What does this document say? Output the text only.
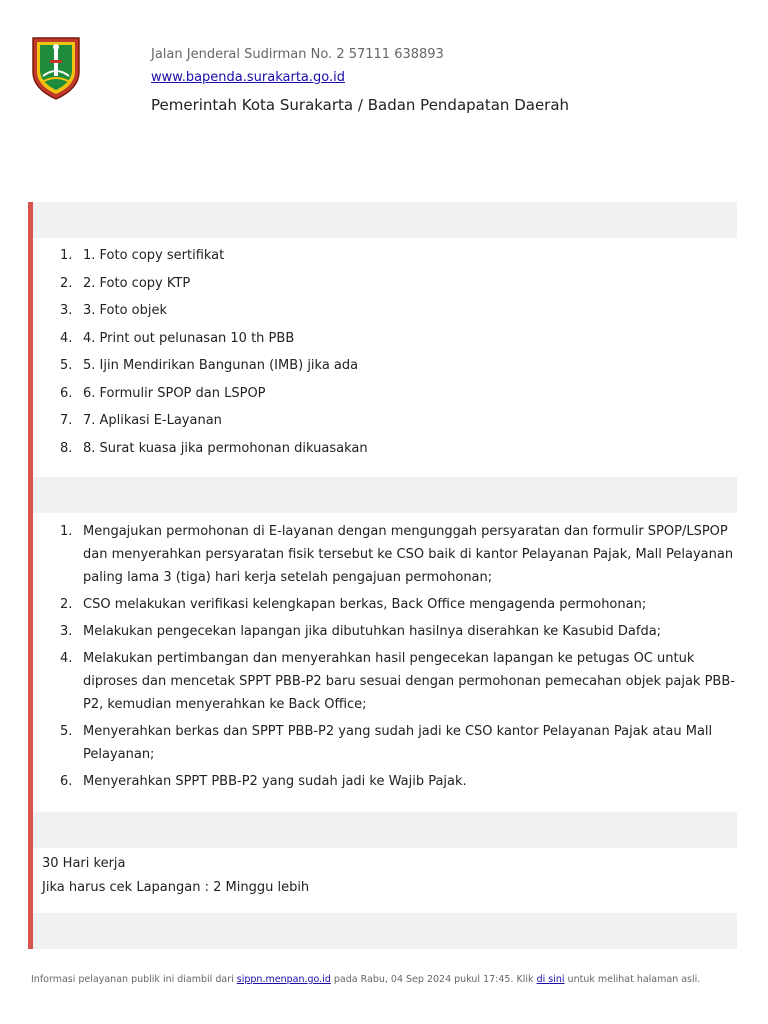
Jalan Jenderal Sudirman No. 2 57111 638893
www.bapenda.surakarta.go.id
Pemerintah Kota Surakarta / Badan Pendapatan Daerah
1. 1. Foto copy sertifikat
2. 2. Foto copy KTP
3. 3. Foto objek
4. 4. Print out pelunasan 10 th PBB
5. 5. Ijin Mendirikan Bangunan (IMB) jika ada
6. 6. Formulir SPOP dan LSPOP
7. 7. Aplikasi E-Layanan
8. 8. Surat kuasa jika permohonan dikuasakan
1. Mengajukan permohonan di E-layanan dengan mengunggah persyaratan dan formulir SPOP/LSPOP dan menyerahkan persyaratan fisik tersebut ke CSO baik di kantor Pelayanan Pajak, Mall Pelayanan paling lama 3 (tiga) hari kerja setelah pengajuan permohonan;
2. CSO melakukan verifikasi kelengkapan berkas, Back Office mengagenda permohonan;
3. Melakukan pengecekan lapangan jika dibutuhkan hasilnya diserahkan ke Kasubid Dafda;
4. Melakukan pertimbangan dan menyerahkan hasil pengecekan lapangan ke petugas OC untuk diproses dan mencetak SPPT PBB-P2 baru sesuai dengan permohonan pemecahan objek pajak PBB-P2, kemudian menyerahkan ke Back Office;
5. Menyerahkan berkas dan SPPT PBB-P2 yang sudah jadi ke CSO kantor Pelayanan Pajak atau Mall Pelayanan;
6. Menyerahkan SPPT PBB-P2 yang sudah jadi ke Wajib Pajak.
30 Hari kerja
Jika harus cek Lapangan : 2 Minggu lebih
Informasi pelayanan publik ini diambil dari sippn.menpan.go.id pada Rabu, 04 Sep 2024 pukul 17:45. Klik di sini untuk melihat halaman asli.
